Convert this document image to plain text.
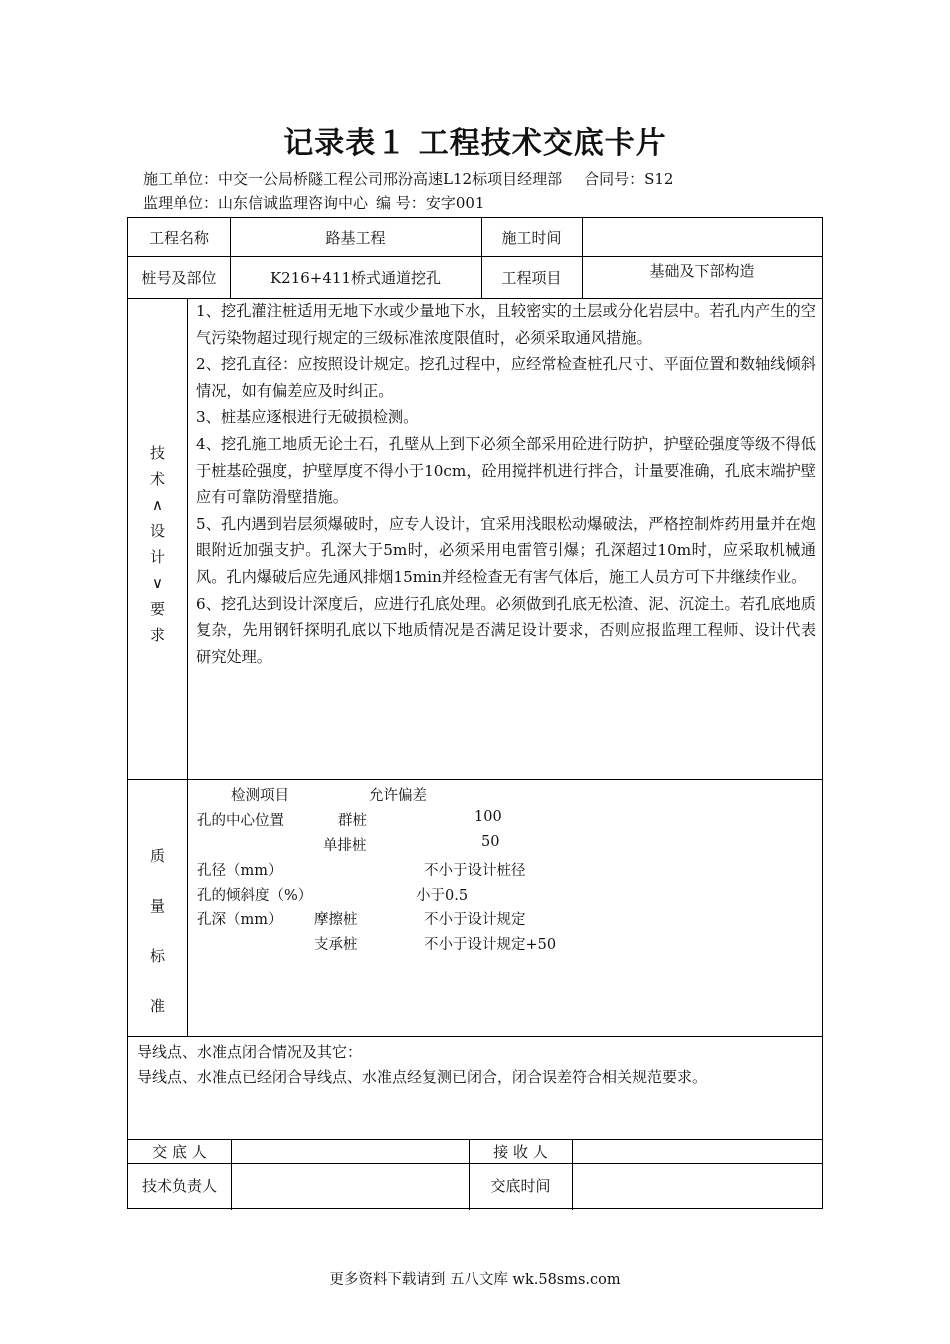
记录表１ 工程技术交底卡片
施工单位：中交一公局桥隧工程公司邢汾高速L12标项目经理部 合同号：S12
监理单位：山东信诚监理咨询中心 编 号：安字001
工程名称	路基工程	施工时间
桩号及部位	K216+411桥式通道挖孔	工程项目	基础及下部构造
技
术
∧
设
计
∨
要
求

1、挖孔灌注桩适用无地下水或少量地下水，且较密实的土层或分化岩层中。若孔内产生的空气污染物超过现行规定的三级标准浓度限值时，必须采取通风措施。

2、挖孔直径：应按照设计规定。挖孔过程中，应经常检查桩孔尺寸、平面位置和数轴线倾斜情况，如有偏差应及时纠正。

3、桩基应逐根进行无破损检测。

4、挖孔施工地质无论土石，孔壁从上到下必须全部采用砼进行防护，护壁砼强度等级不得低于桩基砼强度，护壁厚度不得小于10cm，砼用搅拌机进行拌合，计量要准确，孔底末端护壁应有可靠防滑壁措施。

5、孔内遇到岩层须爆破时，应专人设计，宜采用浅眼松动爆破法，严格控制炸药用量并在炮眼附近加强支护。孔深大于5m时，必须采用电雷管引爆；孔深超过10m时，应采取机械通风。孔内爆破后应先通风排烟15min并经检查无有害气体后，施工人员方可下井继续作业。

6、挖孔达到设计深度后，应进行孔底处理。必须做到孔底无松渣、泥、沉淀土。若孔底地质复杂，先用钢钎探明孔底以下地质情况是否满足设计要求，否则应报监理工程师、设计代表研究处理。

质
量
标
准
检测项目	允许偏差
孔的中心位置	群桩	100
单排桩	50
孔径（mm）	不小于设计桩径
孔的倾斜度（%）	小于0.5
孔深（mm） 摩擦桩	不小于设计规定
支承桩	不小于设计规定+50
导线点、水准点闭合情况及其它：
导线点、水准点已经闭合导线点、水准点经复测已闭合，闭合误差符合相关规范要求。
交 底 人	接 收 人
技术负责人	交底时间
更多资料下载请到 五八文库 wk.58sms.com
